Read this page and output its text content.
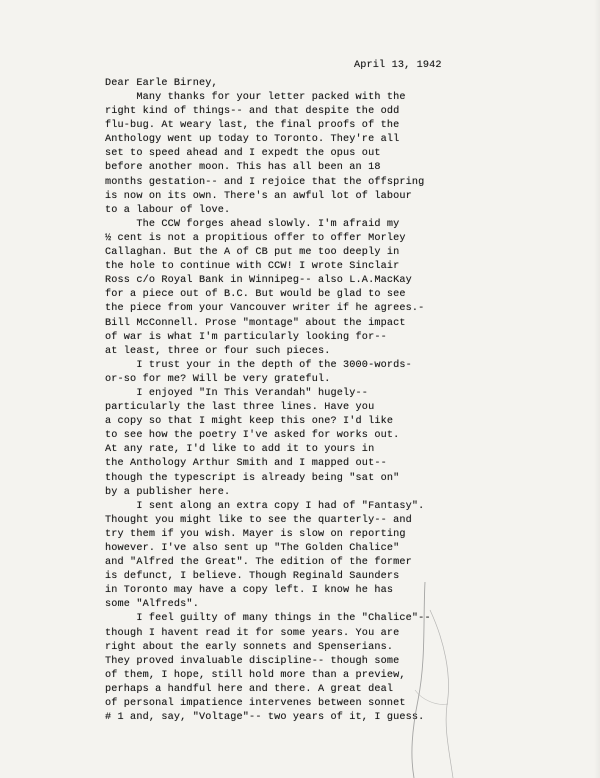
April 13, 1942
Dear Earle Birney,
Many thanks for your letter packed with the
right kind of things-- and that despite the odd
flu-bug. At weary last, the final proofs of the
Anthology went up today to Toronto. They're all
set to speed ahead and I expedt the opus out
before another moon. This has all been an 18
months gestation-- and I rejoice that the offspring
is now on its own. There's an awful lot of labour
to a labour of love.
The CCW forges ahead slowly. I'm afraid my
½ cent is not a propitious offer to offer Morley
Callaghan. But the A of CB put me too deeply in
the hole to continue with CCW! I wrote Sinclair
Ross c/o Royal Bank in Winnipeg-- also L.A.MacKay
for a piece out of B.C. But would be glad to see
the piece from your Vancouver writer if he agrees.-
Bill McConnell. Prose "montage" about the impact
of war is what I'm particularly looking for--
at least, three or four such pieces.
I trust your in the depth of the 3000-words-
or-so for me? Will be very grateful.
I enjoyed "In This Verandah" hugely--
particularly the last three lines. Have you
a copy so that I might keep this one? I'd like
to see how the poetry I've asked for works out.
At any rate, I'd like to add it to yours in
the Anthology Arthur Smith and I mapped out--
though the typescript is already being "sat on"
by a publisher here.
I sent along an extra copy I had of "Fantasy".
Thought you might like to see the quarterly-- and
try them if you wish. Mayer is slow on reporting
however. I've also sent up "The Golden Chalice"
and "Alfred the Great". The edition of the former
is defunct, I believe. Though Reginald Saunders
in Toronto may have a copy left. I know he has
some "Alfreds".
I feel guilty of many things in the "Chalice"--
though I havent read it for some years. You are
right about the early sonnets and Spenserians.
They proved invaluable discipline-- though some
of them, I hope, still hold more than a preview,
perhaps a handful here and there. A great deal
of personal impatience intervenes between sonnet
# 1 and, say, "Voltage"-- two years of it, I guess.
